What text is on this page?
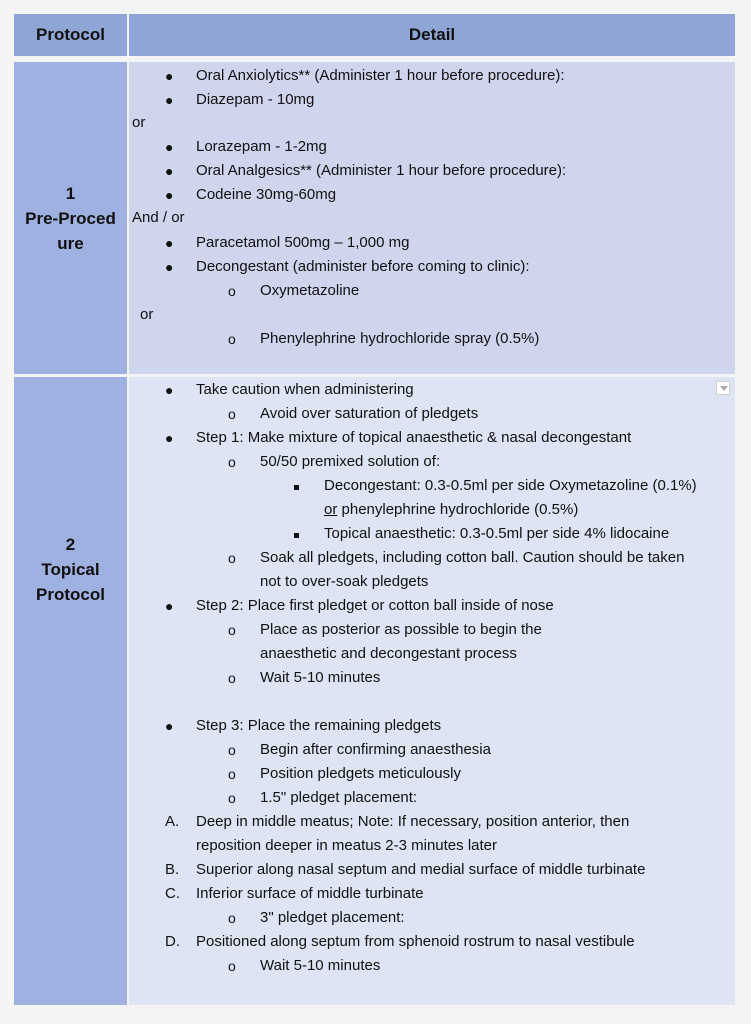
Protocol	Detail
1
Pre-Proced
ure
● Oral Anxiolytics** (Administer 1 hour before procedure):
● Diazepam - 10mg
or
● Lorazepam - 1-2mg
● Oral Analgesics** (Administer 1 hour before procedure):
● Codeine 30mg-60mg
And / or
● Paracetamol 500mg – 1,000 mg
● Decongestant (administer before coming to clinic):
o Oxymetazoline
or
o Phenylephrine hydrochloride spray (0.5%)
2
Topical
Protocol
● Take caution when administering
o Avoid over saturation of pledgets
● Step 1: Make mixture of topical anaesthetic & nasal decongestant
o 50/50 premixed solution of:
Decongestant: 0.3-0.5ml per side Oxymetazoline (0.1%)
or phenylephrine hydrochloride (0.5%)
Topical anaesthetic: 0.3-0.5ml per side 4% lidocaine
o Soak all pledgets, including cotton ball. Caution should be taken
not to over-soak pledgets
● Step 2: Place first pledget or cotton ball inside of nose
o Place as posterior as possible to begin the
anaesthetic and decongestant process
o Wait 5-10 minutes
● Step 3: Place the remaining pledgets
o Begin after confirming anaesthesia
o Position pledgets meticulously
o 1.5" pledget placement:
A. Deep in middle meatus; Note: If necessary, position anterior, then
reposition deeper in meatus 2-3 minutes later
B. Superior along nasal septum and medial surface of middle turbinate
C. Inferior surface of middle turbinate
o 3" pledget placement:
D. Positioned along septum from sphenoid rostrum to nasal vestibule
o Wait 5-10 minutes
